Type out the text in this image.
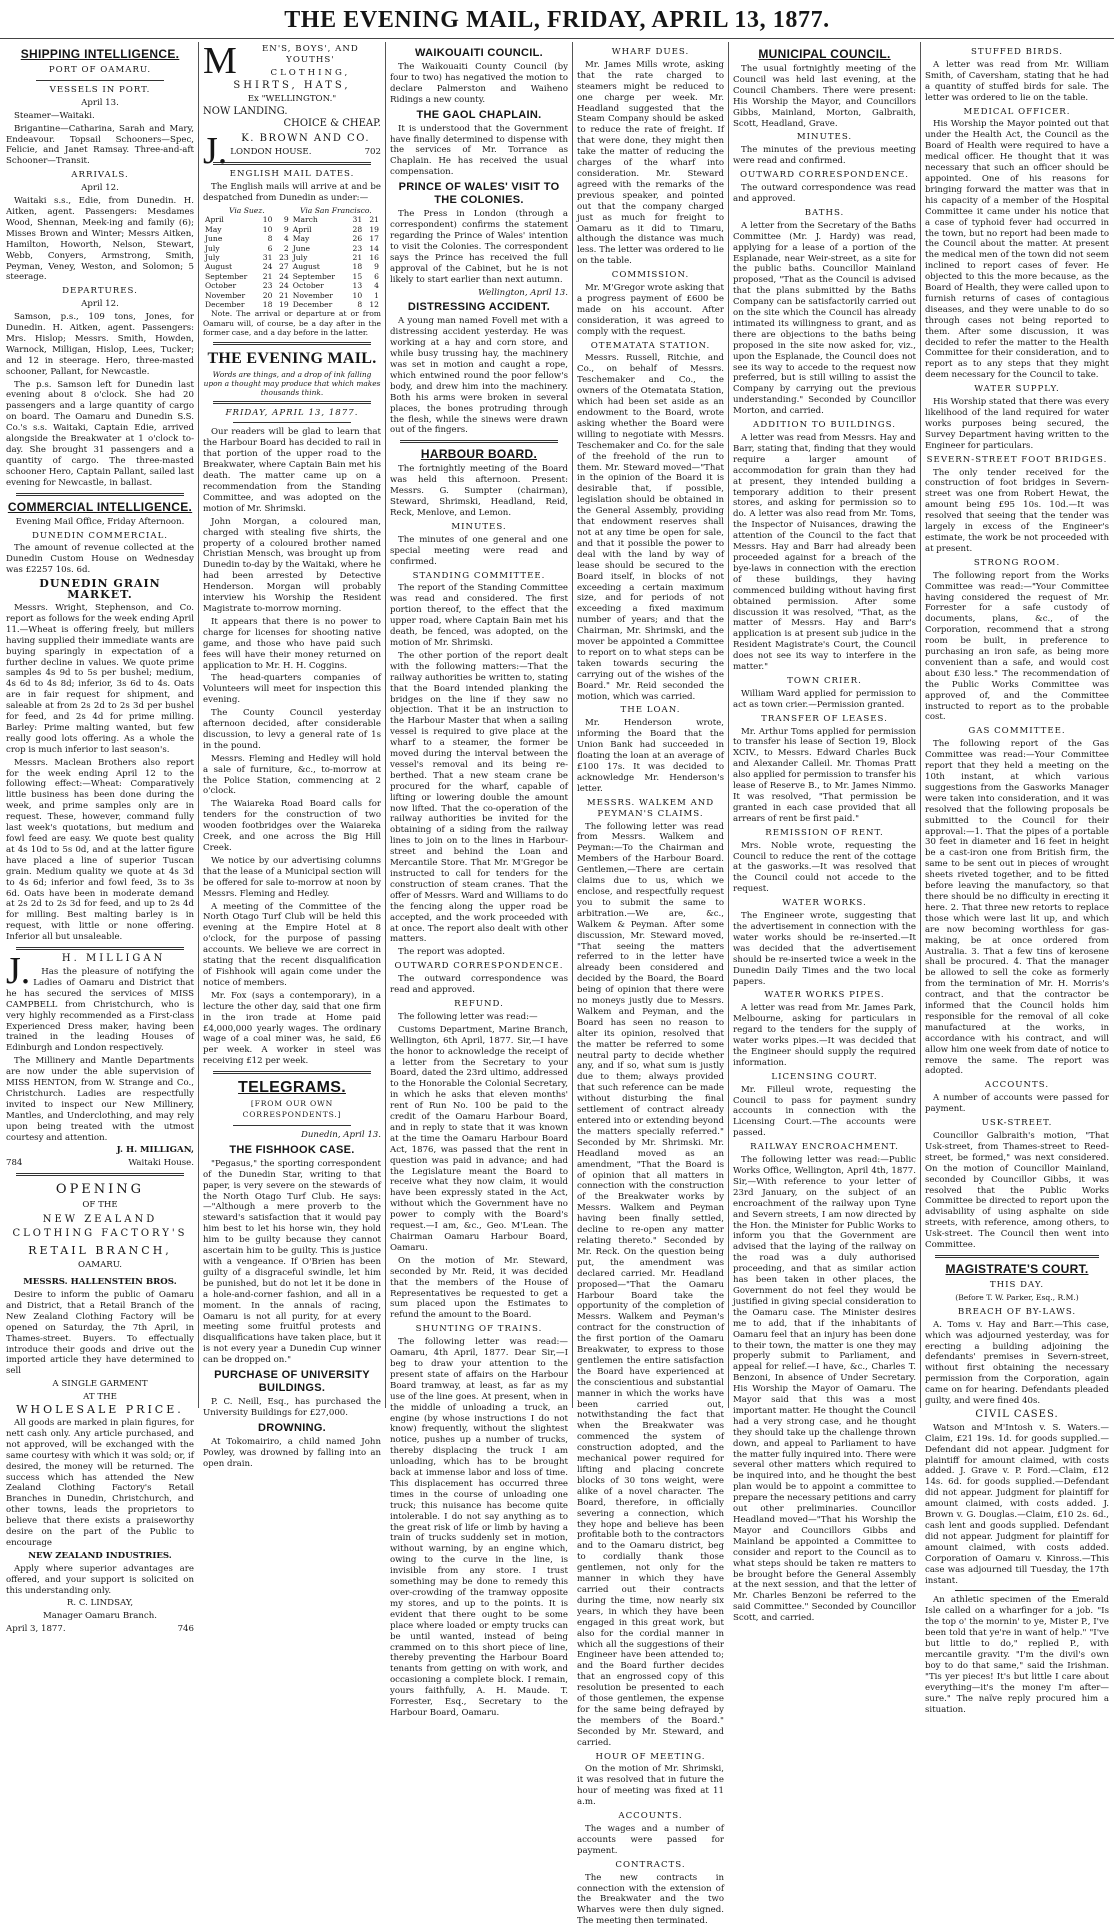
THE EVENING MAIL, FRIDAY, APRIL 13, 1877.
SHIPPING INTELLIGENCE.
PORT OF OAMARU.
VESSELS IN PORT.

April 13.

Steamer—Waitaki.

Brigantine—Catharina, Sarah and Mary, Endeavour. Topsail Schooners—Spec, Felicie, and Janet Ramsay. Three-and-aft Schooner—Transit.

ARRIVALS.

April 12.

Waitaki s.s., Edie, from Dunedin. H. Aitken, agent. Passengers: Mesdames Wood, Shennan, Meek-ing and family (6); Misses Brown and Winter; Messrs Aitken, Hamilton, Howorth, Nelson, Stewart, Webb, Conyers, Armstrong, Smith, Peyman, Veney, Weston, and Solomon; 5 steerage.

DEPARTURES.

April 12.

Samson, p.s., 109 tons, Jones, for Dunedin. H. Aitken, agent. Passengers: Mrs. Hislop; Messrs. Smith, Howden, Warnock, Milligan, Hislop, Lees, Tucker; and 12 in steerage. Hero, three-masted schooner, Pallant, for Newcastle.

The p.s. Samson left for Dunedin last evening about 8 o'clock. She had 20 passengers and a large quantity of cargo on board. The Oamaru and Dunedin S.S. Co.'s s.s. Waitaki, Captain Edie, arrived alongside the Breakwater at 1 o'clock to-day. She brought 31 passengers and a quantity of cargo. The three-masted schooner Hero, Captain Pallant, sailed last evening for Newcastle, in ballast.

COMMERCIAL INTELLIGENCE.

Evening Mail Office, Friday Afternoon.

DUNEDIN COMMERCIAL.

The amount of revenue collected at the Dunedin Custom House on Wednesday was £2257 10s. 6d.

DUNEDIN GRAIN MARKET.

Messrs. Wright, Stephenson, and Co. report as follows for the week ending April 11.—Wheat is offering freely, but millers having supplied their immediate wants are buying sparingly in expectation of a further decline in values. We quote prime samples 4s 9d to 5s per bushel; medium, 4s 6d to 4s 8d; inferior, 3s 6d to 4s. Oats are in fair request for shipment, and saleable at from 2s 2d to 2s 3d per bushel for feed, and 2s 4d for prime milling. Barley: Prime malting wanted, but few really good lots offering. As a whole the crop is much inferior to last season's.

Messrs. Maclean Brothers also report for the week ending April 12 to the following effect:—Wheat: Comparatively little business has been done during the week, and prime samples only are in request. These, however, command fully last week's quotations, but medium and fowl feed are easy. We quote best quality at 4s 10d to 5s 0d, and at the latter figure have placed a line of superior Tuscan grain. Medium quality we quote at 4s 3d to 4s 6d; inferior and fowl feed, 3s to 3s 6d. Oats have been in moderate demand at 2s 2d to 2s 3d for feed, and up to 2s 4d for milling. Best malting barley is in request, with little or none offering. Inferior all but unsaleable.

J.	H. MILLIGAN

Has the pleasure of notifying the Ladies of Oamaru and District that he has secured the services of MISS CAMPBELL from Christchurch, who is very highly recommended as a First-class Experienced Dress maker, having been trained in the leading Houses of Edinburgh and London respectively.

The Millinery and Mantle Departments are now under the able supervision of MISS HENTON, from W. Strange and Co., Christchurch. Ladies are respectfully invited to inspect our New Millinery, Mantles, and Underclothing, and may rely upon being treated with the utmost courtesy and attention.

J. H. MILLIGAN,

784	Waitaki House.

OPENING

OF THE

NEW ZEALAND CLOTHING FACTORY'S

RETAIL BRANCH,

OAMARU.

MESSRS. HALLENSTEIN BROS.

Desire to inform the public of Oamaru and District, that a Retail Branch of the New Zealand Clothing Factory will be opened on Saturday, the 7th April, in Thames-street. Buyers. To effectually introduce their goods and drive out the imported article they have determined to sell

A SINGLE GARMENT

AT THE

WHOLESALE PRICE.

All goods are marked in plain figures, for nett cash only. Any article purchased, and not approved, will be exchanged with the same courtesy with which it was sold; or, if desired, the money will be returned. The success which has attended the New Zealand Clothing Factory's Retail Branches in Dunedin, Christchurch, and other towns, leads the proprietors to believe that there exists a praiseworthy desire on the part of the Public to encourage

NEW ZEALAND INDUSTRIES.

Apply where superior advantages are offered, and your support is solicited on this understanding only.

R. C. LINDSAY,

Manager Oamaru Branch.

April 3, 1877.	746

M	EN'S, BOYS', AND YOUTHS'

CLOTHING,

SHIRTS, HATS,

Ex "WELLINGTON."

NOW LANDING.

CHOICE & CHEAP.

J.	K. BROWN AND CO.

LONDON HOUSE.	702

ENGLISH MAIL DATES.

The English mails will arrive at and be despatched from Dunedin as under:—

Via Suez.			Via San Francisco.		
April	10	9	March	31	21
May	10	9	April	28	19
June	8	4	May	26	17
July	6	2	June	23	14
July	31	23	July	21	16
August	24	27	August	18	9
September	21	24	September	15	6
October	23	24	October	13	4
November	20	21	November	10	1
December	18	19	December	8	12

Note. The arrival or departure at or from Oamaru will, of course, be a day after in the former case, and a day before in the latter.

THE EVENING MAIL.

Words are things, and a drop of ink falling upon a thought may produce that which makes thousands think.

FRIDAY, APRIL 13, 1877.

Our readers will be glad to learn that the Harbour Board has decided to rail in that portion of the upper road to the Breakwater, where Captain Bain met his death. The matter came up on a recommendation from the Standing Committee, and was adopted on the motion of Mr. Shrimski.

John Morgan, a coloured man, charged with stealing five shirts, the property of a coloured brother named Christian Mensch, was brought up from Dunedin to-day by the Waitaki, where he had been arrested by Detective Henderson. Morgan will probably interview his Worship the Resident Magistrate to-morrow morning.

It appears that there is no power to charge for licenses for shooting native game, and those who have paid such fees will have their money returned on application to Mr. H. H. Coggins.

The head-quarters companies of Volunteers will meet for inspection this evening.

The County Council yesterday afternoon decided, after considerable discussion, to levy a general rate of 1s in the pound.

Messrs. Fleming and Hedley will hold a sale of furniture, &c., to-morrow at the Police Station, commencing at 2 o'clock.

The Waiareka Road Board calls for tenders for the construction of two wooden footbridges over the Waiareka Creek, and one across the Big Hill Creek.

We notice by our advertising columns that the lease of a Municipal section will be offered for sale to-morrow at noon by Messrs. Fleming and Hedley.

A meeting of the Committee of the North Otago Turf Club will be held this evening at the Empire Hotel at 8 o'clock, for the purpose of passing accounts. We believe we are correct in stating that the recent disqualification of Fishhook will again come under the notice of members.

Mr. Fox (says a contemporary), in a lecture the other day, said that one firm in the iron trade at Home paid £4,000,000 yearly wages. The ordinary wage of a coal miner was, he said, £6 per week. A worker in steel was receiving £12 per week.

TELEGRAMS.

[FROM OUR OWN CORRESPONDENTS.]

Dunedin, April 13.

THE FISHHOOK CASE.

"Pegasus," the sporting correspondent of the Dunedin Star, writing to that paper, is very severe on the stewards of the North Otago Turf Club. He says:—"Although a mere proverb to the steward's satisfaction that it would pay him best to let his horse win, they hold him to be guilty because they cannot ascertain him to be guilty. This is justice with a vengeance. If O'Brien has been guilty of a disgraceful swindle, let him be punished, but do not let it be done in a hole-and-corner fashion, and all in a moment. In the annals of racing, Oamaru is not all purity, for at every meeting some fruitful protests and disqualifications have taken place, but it is not every year a Dunedin Cup winner can be dropped on."

PURCHASE OF UNIVERSITY BUILDINGS.

P. C. Neill, Esq., has purchased the University Buildings for £27,000.

DROWNING.

At Tokomairiro, a child named John Powley, was drowned by falling into an open drain.

WAIKOUAITI COUNCIL.

The Waikouaiti County Council (by four to two) has negatived the motion to declare Palmerston and Waiheno Ridings a new county.

THE GAOL CHAPLAIN.

It is understood that the Government have finally determined to dispense with the services of Mr. Torrance as Chaplain. He has received the usual compensation.

PRINCE OF WALES' VISIT TO THE COLONIES.

The Press in London (through a correspondent) confirms the statement regarding the Prince of Wales' intention to visit the Colonies. The correspondent says the Prince has received the full approval of the Cabinet, but he is not likely to start earlier than next autumn.

Wellington, April 13.

DISTRESSING ACCIDENT.

A young man named Fovell met with a distressing accident yesterday. He was working at a hay and corn store, and while busy trussing hay, the machinery was set in motion and caught a rope, which entwined round the poor fellow's body, and drew him into the machinery. Both his arms were broken in several places, the bones protruding through the flesh, while the sinews were drawn out of the fingers.

HARBOUR BOARD.

The fortnightly meeting of the Board was held this afternoon. Present: Messrs. G. Sumpter (chairman), Steward, Shrimski, Headland, Reid, Reck, Menlove, and Lemon.

MINUTES.

The minutes of one general and one special meeting were read and confirmed.

STANDING COMMITTEE.

The report of the Standing Committee was read and considered. The first portion thereof, to the effect that the upper road, where Captain Bain met his death, be fenced, was adopted, on the motion of Mr. Shrimski.

The other portion of the report dealt with the following matters:—That the railway authorities be written to, stating that the Board intended planking the bridges on the line if they saw no objection. That it be an instruction to the Harbour Master that when a sailing vessel is required to give place at the wharf to a steamer, the former be moved during the interval between the vessel's removal and its being re-berthed. That a new steam crane be procured for the wharf, capable of lifting or lowering double the amount now lifted. That the co-operation of the railway authorities be invited for the obtaining of a siding from the railway lines to join on to the lines in Harbour-street and behind the Loan and Mercantile Store. That Mr. M'Gregor be instructed to call for tenders for the construction of steam cranes. That the offer of Messrs. Ward and Williams to do the fencing along the upper road be accepted, and the work proceeded with at once. The report also dealt with other matters.

The report was adopted.

OUTWARD CORRESPONDENCE.

The outward correspondence was read and approved.

REFUND.

The following letter was read:—

Customs Department, Marine Branch, Wellington, 6th April, 1877. Sir,—I have the honor to acknowledge the receipt of a letter from the Secretary to your Board, dated the 23rd ultimo, addressed to the Honorable the Colonial Secretary, in which he asks that eleven months' rent of Run No. 100 be paid to the credit of the Oamaru Harbour Board, and in reply to state that it was known at the time the Oamaru Harbour Board Act, 1876, was passed that the rent in question was paid in advance; and had the Legislature meant the Board to receive what they now claim, it would have been expressly stated in the Act, without which the Government have no power to comply with the Board's request.—I am, &c., Geo. M'Lean. The Chairman Oamaru Harbour Board, Oamaru.

On the motion of Mr. Steward, seconded by Mr. Reid, it was decided that the members of the House of Representatives be requested to get a sum placed upon the Estimates to refund the amount to the Board.

SHUNTING OF TRAINS.

The following letter was read:—Oamaru, 4th April, 1877. Dear Sir,—I beg to draw your attention to the present state of affairs on the Harbour Board tramway, at least, as far as my use of the line goes. At present, when in the middle of unloading a truck, an engine (by whose instructions I do not know) frequently, without the slightest notice, pushes up a number of trucks, thereby displacing the truck I am unloading, which has to be brought back at immense labor and loss of time. This displacement has occurred three times in the course of unloading one truck; this nuisance has become quite intolerable. I do not say anything as to the great risk of life or limb by having a train of trucks suddenly set in motion, without warning, by an engine which, owing to the curve in the line, is invisible from any store. I trust something may be done to remedy this over-crowding of the tramway opposite my stores, and up to the points. It is evident that there ought to be some place where loaded or empty trucks can be until wanted, instead of being crammed on to this short piece of line, thereby preventing the Harbour Board tenants from getting on with work, and occasioning a complete block. I remain, yours faithfully, A. H. Maude. T. Forrester, Esq., Secretary to the Harbour Board, Oamaru.

WHARF DUES.

Mr. James Mills wrote, asking that the rate charged to steamers might be reduced to one charge per week. Mr. Headland suggested that the Steam Company should be asked to reduce the rate of freight. If that were done, they might then take the matter of reducing the charges of the wharf into consideration. Mr. Steward agreed with the remarks of the previous speaker, and pointed out that the company charged just as much for freight to Oamaru as it did to Timaru, although the distance was much less. The letter was ordered to lie on the table.

COMMISSION.

Mr. M'Gregor wrote asking that a progress payment of £600 be made on his account. After consideration, it was agreed to comply with the request.

OTEMATATA STATION.

Messrs. Russell, Ritchie, and Co., on behalf of Messrs. Teschemaker and Co., the owners of the Otematata Station, which had been set aside as an endowment to the Board, wrote asking whether the Board were willing to negotiate with Messrs. Teschemaker and Co. for the sale of the freehold of the run to them. Mr. Steward moved—"That in the opinion of the Board it is desirable that, if possible, legislation should be obtained in the General Assembly, providing that endowment reserves shall not at any time be open for sale, and that it possible the power to deal with the land by way of lease should be secured to the Board itself, in blocks of not exceeding a certain maximum size, and for periods of not exceeding a fixed maximum number of years; and that the Chairman, Mr. Shrimski, and the mover be appointed a Committee to report on to what steps can be taken towards securing the carrying out of the wishes of the Board." Mr. Reid seconded the motion, which was carried.

THE LOAN.

Mr. Henderson wrote, informing the Board that the Union Bank had succeeded in floating the loan at an average of £100 17s. It was decided to acknowledge Mr. Henderson's letter.

MESSRS. WALKEM AND PEYMAN'S CLAIMS.

The following letter was read from Messrs. Walkem and Peyman:—To the Chairman and Members of the Harbour Board. Gentlemen,—There are certain claims due to us, which we enclose, and respectfully request you to submit the same to arbitration.—We are, &c., Walkem & Peyman. After some discussion, Mr. Steward moved, "That seeing the matters referred to in the letter have already been considered and decided by the Board, the Board being of opinion that there were no moneys justly due to Messrs. Walkem and Peyman, and the Board has seen no reason to alter its opinion, resolved that the matter be referred to some neutral party to decide whether any, and if so, what sum is justly due to them; always provided that such reference can be made without disturbing the final settlement of contract already entered into or extending beyond the matters specially referred." Seconded by Mr. Shrimski. Mr. Headland moved as an amendment, "That the Board is of opinion that all matters in connection with the construction of the Breakwater works by Messrs. Walkem and Peyman having been finally settled, decline to re-open any matter relating thereto." Seconded by Mr. Reck. On the question being put, the amendment was declared carried. Mr. Headland proposed—"That the Oamaru Harbour Board take the opportunity of the completion of Messrs. Walkem and Peyman's contract for the construction of the first portion of the Oamaru Breakwater, to express to those gentlemen the entire satisfaction the Board have experienced at the conscientious and substantial manner in which the works have been carried out, notwithstanding the fact that when the Breakwater was commenced the system of construction adopted, and the mechanical power required for lifting and placing concrete blocks of 30 tons weight, were alike of a novel character. The Board, therefore, in officially severing a connection, which they hope and believe has been profitable both to the contractors and to the Oamaru district, beg to cordially thank those gentlemen, not only for the manner in which they have carried out their contracts during the time, now nearly six years, in which they have been engaged in this great work, but also for the cordial manner in which all the suggestions of their Engineer have been attended to; and the Board further decides that an engrossed copy of this resolution be presented to each of those gentlemen, the expense for the same being defrayed by the members of the Board." Seconded by Mr. Steward, and carried.

HOUR OF MEETING.

On the motion of Mr. Shrimski, it was resolved that in future the hour of meeting was fixed at 11 a.m.

ACCOUNTS.

The wages and a number of accounts were passed for payment.

CONTRACTS.

The new contracts in connection with the extension of the Breakwater and the two Wharves were then duly signed. The meeting then terminated.

MUNICIPAL COUNCIL.

The usual fortnightly meeting of the Council was held last evening, at the Council Chambers. There were present: His Worship the Mayor, and Councillors Gibbs, Mainland, Morton, Galbraith, Scott, Headland, Grave.

MINUTES.

The minutes of the previous meeting were read and confirmed.

OUTWARD CORRESPONDENCE.

The outward correspondence was read and approved.

BATHS.

A letter from the Secretary of the Baths Committee (Mr. J. Hardy) was read, applying for a lease of a portion of the Esplanade, near Weir-street, as a site for the public baths. Councillor Mainland proposed, "That as the Council is advised that the plans submitted by the Baths Company can be satisfactorily carried out on the site which the Council has already intimated its willingness to grant, and as there are objections to the baths being proposed in the site now asked for, viz., upon the Esplanade, the Council does not see its way to accede to the request now preferred, but is still willing to assist the Company by carrying out the previous understanding." Seconded by Councillor Morton, and carried.

ADDITION TO BUILDINGS.

A letter was read from Messrs. Hay and Barr, stating that, finding that they would require a larger amount of accommodation for grain than they had at present, they intended building a temporary addition to their present stores, and asking for permission so to do. A letter was also read from Mr. Toms, the Inspector of Nuisances, drawing the attention of the Council to the fact that Messrs. Hay and Barr had already been proceeded against for a breach of the bye-laws in connection with the erection of these buildings, they having commenced building without having first obtained permission. After some discussion it was resolved, "That, as the matter of Messrs. Hay and Barr's application is at present sub judice in the Resident Magistrate's Court, the Council does not see its way to interfere in the matter."

TOWN CRIER.

William Ward applied for permission to act as town crier.—Permission granted.

TRANSFER OF LEASES.

Mr. Arthur Toms applied for permission to transfer his lease of Section 19, Block XCIV., to Messrs. Edward Charles Buck and Alexander Calleil. Mr. Thomas Pratt also applied for permission to transfer his lease of Reserve B., to Mr. James Nimmo. It was resolved, "That permission be granted in each case provided that all arrears of rent be first paid."

REMISSION OF RENT.

Mrs. Noble wrote, requesting the Council to reduce the rent of the cottage at the gasworks.—It was resolved that the Council could not accede to the request.

WATER WORKS.

The Engineer wrote, suggesting that the advertisement in connection with the water works should be re-inserted.—It was decided that the advertisement should be re-inserted twice a week in the Dunedin Daily Times and the two local papers.

WATER WORKS PIPES.

A letter was read from Mr. James Park, Melbourne, asking for particulars in regard to the tenders for the supply of water works pipes.—It was decided that the Engineer should supply the required information.

LICENSING COURT.

Mr. Filleul wrote, requesting the Council to pass for payment sundry accounts in connection with the Licensing Court.—The accounts were passed.

RAILWAY ENCROACHMENT.

The following letter was read:—Public Works Office, Wellington, April 4th, 1877. Sir,—With reference to your letter of 23rd January, on the subject of an encroachment of the railway upon Tyne and Severn streets, I am now directed by the Hon. the Minister for Public Works to inform you that the Government are advised that the laying of the railway on the road was a duly authorised proceeding, and that as similar action has been taken in other places, the Government do not feel they would be justified in giving special consideration to the Oamaru case. The Minister desires me to add, that if the inhabitants of Oamaru feel that an injury has been done to their town, the matter is one they may properly submit to Parliament, and appeal for relief.—I have, &c., Charles T. Benzoni, In absence of Under Secretary. His Worship the Mayor of Oamaru. The Mayor said that this was a most important matter. He thought the Council had a very strong case, and he thought they should take up the challenge thrown down, and appeal to Parliament to have the matter fully inquired into. There were several other matters which required to be inquired into, and he thought the best plan would be to appoint a committee to prepare the necessary petitions and carry out other preliminaries. Councillor Headland moved—"That his Worship the Mayor and Councillors Gibbs and Mainland be appointed a Committee to consider and report to the Council as to what steps should be taken re matters to be brought before the General Assembly at the next session, and that the letter of Mr. Charles Benzoni be referred to the said Committee." Seconded by Councillor Scott, and carried.

STUFFED BIRDS.

A letter was read from Mr. William Smith, of Caversham, stating that he had a quantity of stuffed birds for sale. The letter was ordered to lie on the table.

MEDICAL OFFICER.

His Worship the Mayor pointed out that under the Health Act, the Council as the Board of Health were required to have a medical officer. He thought that it was necessary that such an officer should be appointed. One of his reasons for bringing forward the matter was that in his capacity of a member of the Hospital Committee it came under his notice that a case of typhoid fever had occurred in the town, but no report had been made to the Council about the matter. At present the medical men of the town did not seem inclined to report cases of fever. He objected to this the more because, as the Board of Health, they were called upon to furnish returns of cases of contagious diseases, and they were unable to do so through cases not being reported to them. After some discussion, it was decided to refer the matter to the Health Committee for their consideration, and to report as to any steps that they might deem necessary for the Council to take.

WATER SUPPLY.

His Worship stated that there was every likelihood of the land required for water works purposes being secured, the Survey Department having written to the Engineer for particulars.

SEVERN-STREET FOOT BRIDGES.

The only tender received for the construction of foot bridges in Severn-street was one from Robert Hewat, the amount being £95 10s. 10d.—It was resolved that seeing that the tender was largely in excess of the Engineer's estimate, the work be not proceeded with at present.

STRONG ROOM.

The following report from the Works Committee was read:—"Your Committee having considered the request of Mr. Forrester for a safe custody of documents, plans, &c., of the Corporation, recommend that a strong room be built, in preference to purchasing an iron safe, as being more convenient than a safe, and would cost about £30 less." The recommendation of the Public Works Committee was approved of, and the Committee instructed to report as to the probable cost.

GAS COMMITTEE.

The following report of the Gas Committee was read:—Your Committee report that they held a meeting on the 10th instant, at which various suggestions from the Gasworks Manager were taken into consideration, and it was resolved that the following proposals be submitted to the Council for their approval:—1. That the pipes of a portable 30 feet in diameter and 16 feet in height be a cast-iron one from British firm, the same to be sent out in pieces of wrought sheets riveted together, and to be fitted before leaving the manufactory, so that there should be no difficulty in erecting it here. 2. That three new retorts to replace those which were last lit up, and which are now becoming worthless for gas-making, be at once ordered from Australia. 3. That a few tins of kerosene shall be procured. 4. That the manager be allowed to sell the coke as formerly from the termination of Mr. H. Morris's contract, and that the contractor be informed that the Council holds him responsible for the removal of all coke manufactured at the works, in accordance with his contract, and will allow him one week from date of notice to remove the same. The report was adopted.

ACCOUNTS.

A number of accounts were passed for payment.

USK-STREET.

Councillor Galbraith's motion, "That Usk-street, from Thames-street to Reed-street, be formed," was next considered. On the motion of Councillor Mainland, seconded by Councillor Gibbs, it was resolved that the Public Works Committee be directed to report upon the advisability of using asphalte on side streets, with reference, among others, to Usk-street. The Council then went into Committee.

MAGISTRATE'S COURT.
THIS DAY.

(Before T. W. Parker, Esq., R.M.)

BREACH OF BY-LAWS.

A. Toms v. Hay and Barr.—This case, which was adjourned yesterday, was for erecting a building adjoining the defendants' premises in Severn-street, without first obtaining the necessary permission from the Corporation, again came on for hearing. Defendants pleaded guilty, and were fined 40s.

CIVIL CASES.

Watson and M'Intosh v. S. Waters.—Claim, £21 19s. 1d. for goods supplied.—Defendant did not appear. Judgment for plaintiff for amount claimed, with costs added. J. Grave v. P. Ford.—Claim, £12 14s. 6d. for goods supplied.—Defendant did not appear. Judgment for plaintiff for amount claimed, with costs added. J. Brown v. G. Douglas.—Claim, £10 2s. 6d., cash lent and goods supplied. Defendant did not appear. Judgment for plaintiff for amount claimed, with costs added. Corporation of Oamaru v. Kinross.—This case was adjourned till Tuesday, the 17th instant.

An athletic specimen of the Emerald Isle called on a wharfinger for a job. "Is the top o' the mornin' to ye, Mister P., I've been told that ye're in want of help." "I've but little to do," replied P., with mercantile gravity. "I'm the divil's own boy to do that same," said the Irishman. "Tis yer pieces! It's but little I care about everything—it's the money I'm after—sure." The naïve reply procured him a situation.
